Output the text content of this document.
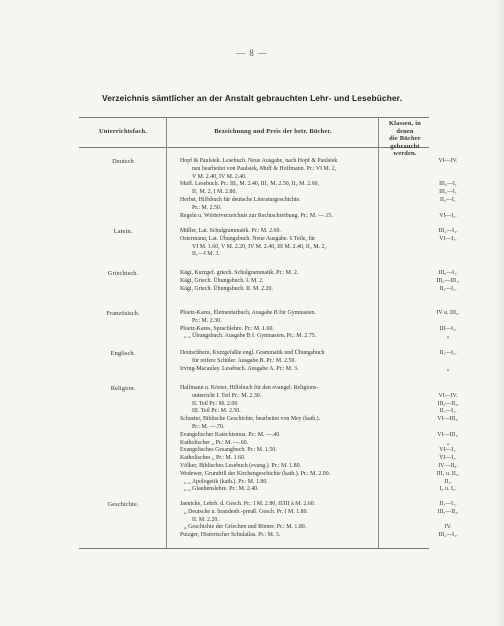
— 8 —
Verzeichnis sämtlicher an der Anstalt gebrauchten Lehr- und Lesebücher.
Unterrichtsfach.	Bezeichnung und Preis der betr. Bücher.
Klassen, in denen
die Bücher
gebraucht werden.
Deutsch	Hopf & Paulsiek. Lesebuch. Neue Ausgabe, nach Hopf & Paulsiek	VI—IV.
neu bearbeitet von Paulsiek, Muff & Hoffmann. Pr.: VI M. 2,
V M. 2.40, IV M. 2.40.
Muff. Lesebuch. Pr.: III₂ M. 2.40, III₁ M. 2.50, II₂ M. 2.60,	III₂—I₁
II₁ M. 2, I M. 2.80.	III₂—I₁
Herbst, Hilfsbuch für deutsche Literaturgeschichte.	II₂—I₁
Pr.: M. 2.50.
Regeln u. Wörterverzeichnis zur Rechtschreibung. Pr.: M. —.15.	VI—I₁.
Latein.	Müller, Lat. Schulgrammatik. Pr.: M. 2.60.	III₂—I₁.
Ostermann, Lat. Übungsbuch. Neue Ausgabe. 6 Teile, für	VI—I₁.
VI M. 1.60, V M. 2.20, IV M. 2.40, III M. 2.40, II₂ M. 2,
II₁—I M. 3.
Griechisch.	Kägi, Kurzgef. griech. Schulgrammatik. Pr.: M. 2.	III₂—I₁.
Kägi, Griech. Übungsbuch. I. M. 2.	III₂—III₁.
Kägi, Griech. Übungsbuch. II. M. 2.20.	II₂—I₁.
Französisch.	Ploetz-Kares, Elementarbuch, Ausgabe B für Gymnasien.	IV u. III₂.
Pr.: M. 2.30.
Ploetz-Kares, Sprachlehre. Pr.: M. 1.60.	III—I₁.
„ „ Übungsbuch. Ausgabe B f. Gymnasien. Pr.: M. 2.75.	„
Englisch.	Deutschbein, Kurzgefaßte engl. Grammatik und Übungsbuch	II₁—I₁.
für reifere Schüler. Ausgabe B. Pr.: M. 2.50.
Irving-Macaulay. Lesebuch. Ausgabe A. Pr.: M. 3.	„
Religion.	Halfmann u. Köster, Hilfsbuch für den evangel. Religions-
unterricht I. Teil Pr.: M. 2.30.	VI—IV.
II. Teil Pr.: M. 2.00.	III₂—II₂.
III. Teil Pr.: M. 2.50.	II₁—I₁.
Schuster, Biblische Geschichte, bearbeitet von Mey (kath.).	VI—III₂.
Pr.: M. —.70.
Evangelischer Katechismus. Pr.: M. —.40.	VI—III₁.
Katholischer „ Pr.: M. —.60.	„
Evangelisches Gesangbuch. Pr.: M. 1.50.	VI—I₁.
Katholisches „ Pr.: M. 1.60.	VI—I₁.
Völker, Biblisches Lesebuch (evang.). Pr.: M. 1.80.	IV—II₂.
Wedewer, Grundriß der Kirchengeschichte (kath.). Pr.: M. 2.00.	III₁ u. II₂.
„ „ Apologetik (kath.). Pr.: M. 1.80.	II₁.
„ „ Glaubenslehre. Pr.: M. 2.40.	I₂ u. I₁.
Geschichte.	Jaenicke, Lehrb. d. Gesch. Pr.: I M. 2.80, II/III à M. 2.60.	II₁—I₁.
„ Deutsche u. brandenb.-preuß. Gesch. Pr. I M. 1.80.	III₂—II₂.
II. M. 2.20.
„ Geschichte der Griechen und Römer. Pr.: M. 1.80.	IV.
Putzger, Historischer Schulatlas. Pr.: M. 3.	III₂—I₁.
